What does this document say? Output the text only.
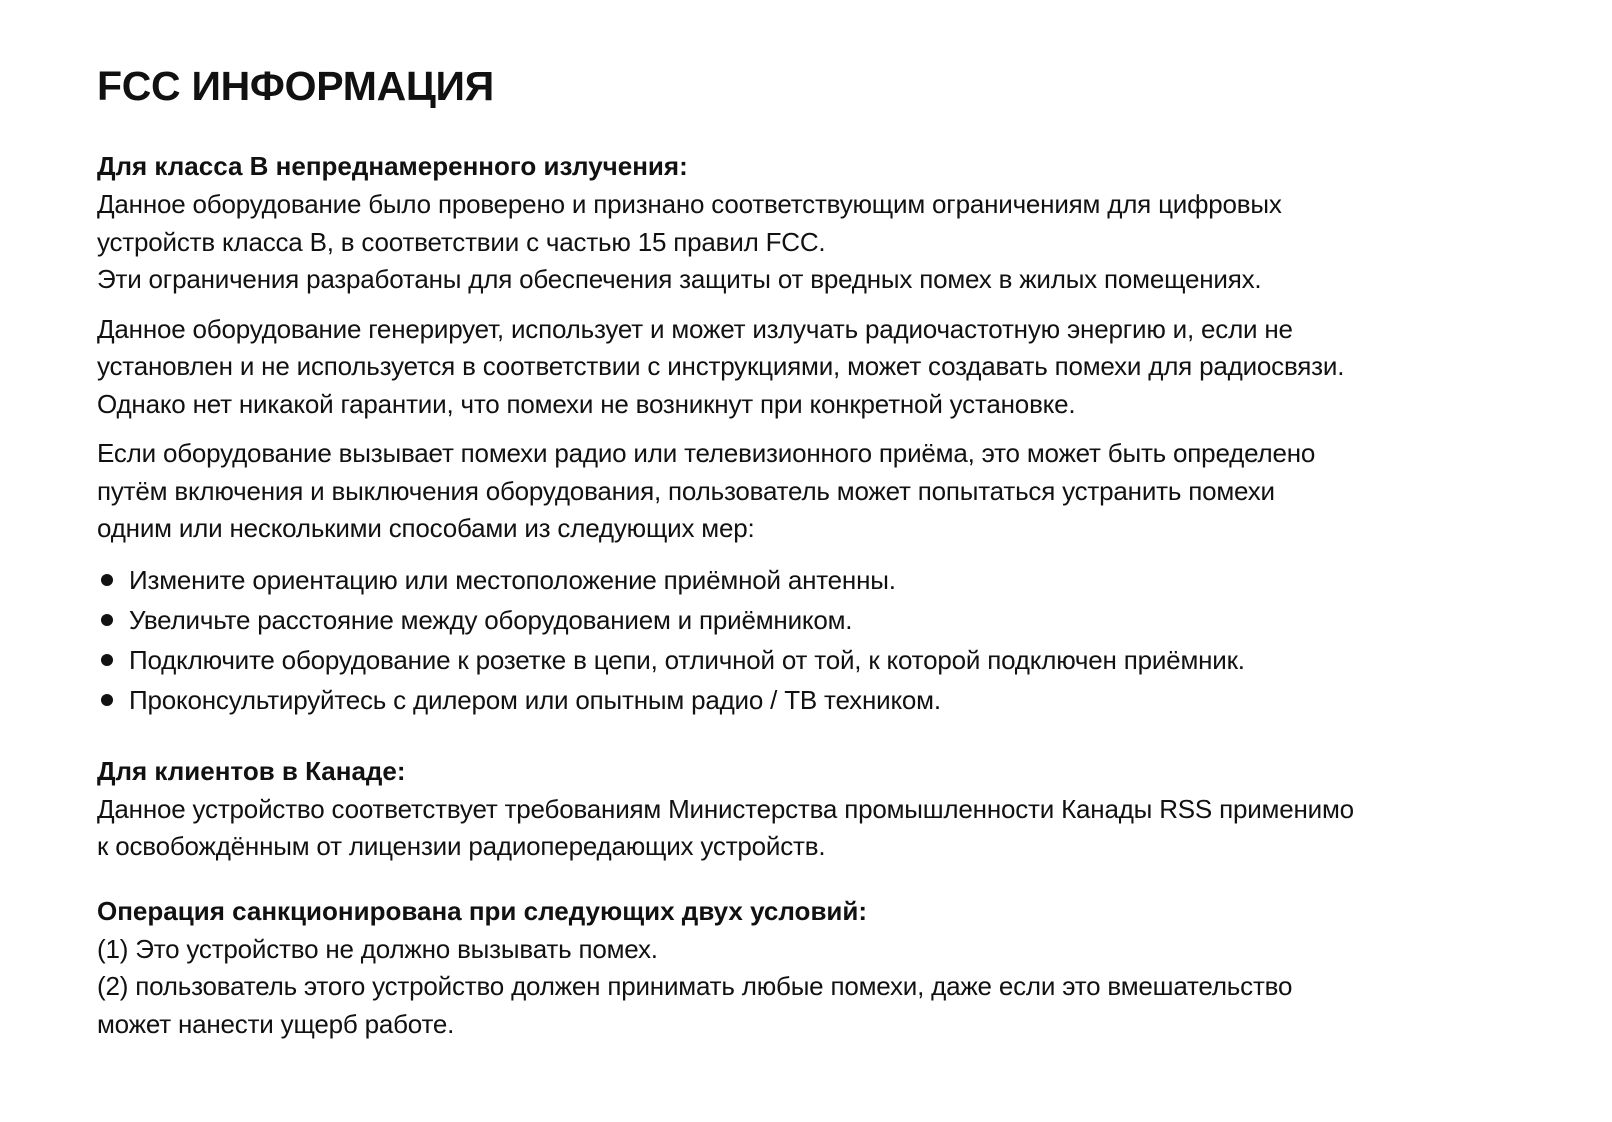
FCC ИНФОРМАЦИЯ
Для класса B непреднамеренного излучения:

Данное оборудование было проверено и признано соответствующим ограничениям для цифровых
устройств класса B, в соответствии с частью 15 правил FCC.
Эти ограничения разработаны для обеспечения защиты от вредных помех в жилых помещениях.

Данное оборудование генерирует, использует и может излучать радиочастотную энергию и, если не
установлен и не используется в соответствии с инструкциями, может создавать помехи для радиосвязи.
Однако нет никакой гарантии, что помехи не возникнут при конкретной установке.

Если оборудование вызывает помехи радио или телевизионного приёма, это может быть определено
путём включения и выключения оборудования, пользователь может попытаться устранить помехи
одним или несколькими способами из следующих мер:

Измените ориентацию или местоположение приёмной антенны.
Увеличьте расстояние между оборудованием и приёмником.
Подключите оборудование к розетке в цепи, отличной от той, к которой подключен приёмник.
Проконсультируйтесь с дилером или опытным радио / ТВ техником.
Для клиентов в Канаде:

Данное устройство соответствует требованиям Министерства промышленности Канады RSS применимо
к освобождённым от лицензии радиопередающих устройств.

Операция санкционирована при следующих двух условий:

(1) Это устройство не должно вызывать помех.
(2) пользователь этого устройство должен принимать любые помехи, даже если это вмешательство
может нанести ущерб работе.
